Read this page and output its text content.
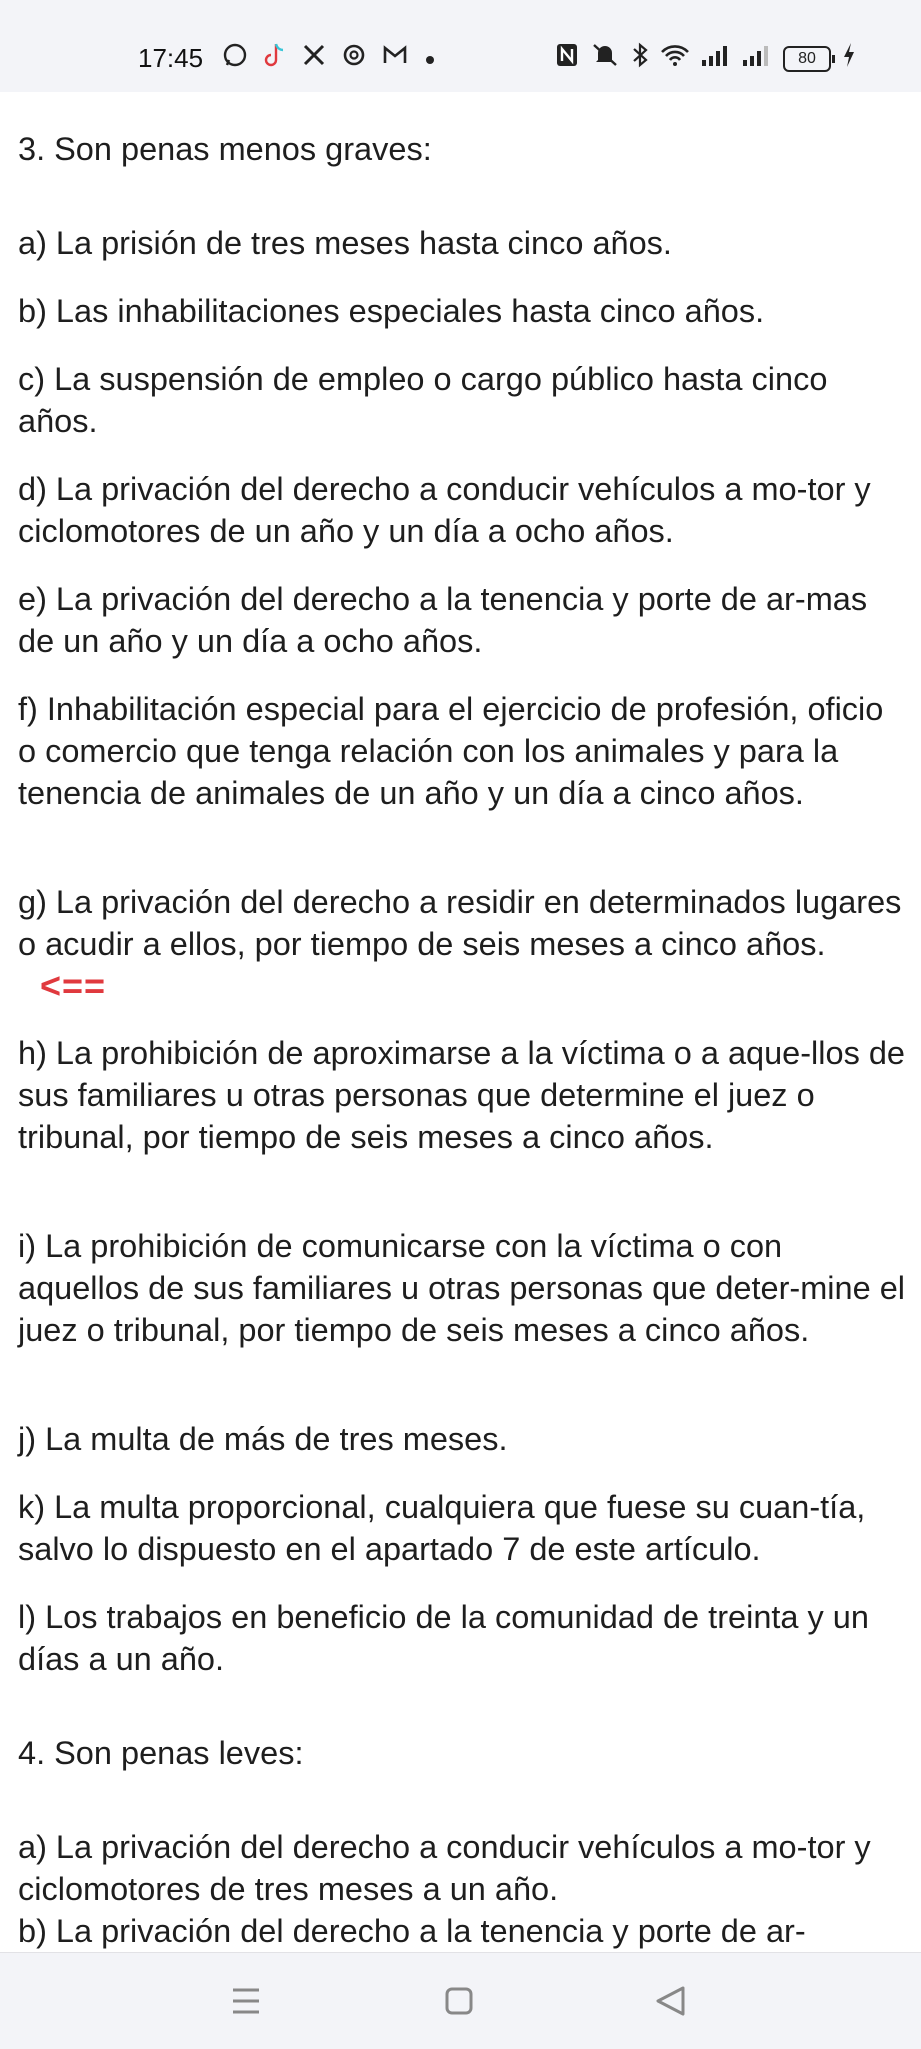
17:45	80

3. Son penas menos graves:

a) La prisión de tres meses hasta cinco años.

b) Las inhabilitaciones especiales hasta cinco años.

c) La suspensión de empleo o cargo público hasta cinco años.

d) La privación del derecho a conducir vehículos a mo-tor y ciclomotores de un año y un día a ocho años.

e) La privación del derecho a la tenencia y porte de ar-mas de un año y un día a ocho años.

f) Inhabilitación especial para el ejercicio de profesión, oficio o comercio que tenga relación con los animales y para la tenencia de animales de un año y un día a cinco años.

g) La privación del derecho a residir en determinados lugares o acudir a ellos, por tiempo de seis meses a cinco años.<==

h) La prohibición de aproximarse a la víctima o a aque-llos de sus familiares u otras personas que determine el juez o tribunal, por tiempo de seis meses a cinco años.

i) La prohibición de comunicarse con la víctima o con aquellos de sus familiares u otras personas que deter-mine el juez o tribunal, por tiempo de seis meses a cinco años.

j) La multa de más de tres meses.

k) La multa proporcional, cualquiera que fuese su cuan-tía, salvo lo dispuesto en el apartado 7 de este artículo.

l) Los trabajos en beneficio de la comunidad de treinta y un días a un año.

4. Son penas leves:

a) La privación del derecho a conducir vehículos a mo-tor y ciclomotores de tres meses a un año.

b) La privación del derecho a la tenencia y porte de ar-
